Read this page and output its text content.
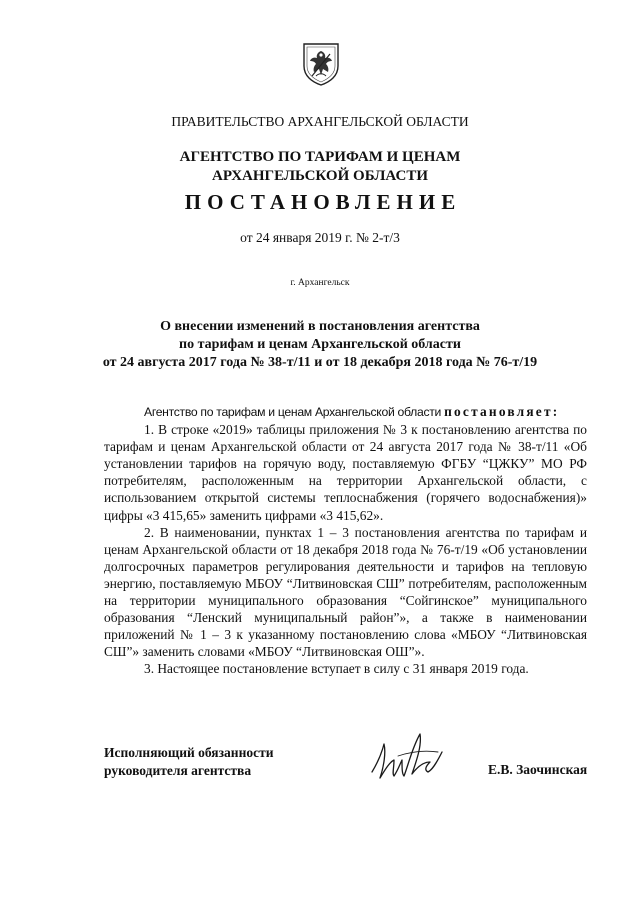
ПРАВИТЕЛЬСТВО АРХАНГЕЛЬСКОЙ ОБЛАСТИ
АГЕНТСТВО ПО ТАРИФАМ И ЦЕНАМ
АРХАНГЕЛЬСКОЙ ОБЛАСТИ
ПОСТАНОВЛЕНИЕ
от 24 января 2019 г. № 2-т/3
г. Архангельск
О внесении изменений в постановления агентства
по тарифам и ценам Архангельской области
от 24 августа 2017 года № 38-т/11 и от 18 декабря 2018 года № 76-т/19

Агентство по тарифам и ценам Архангельской области постановляет:

1. В строке «2019» таблицы приложения № 3 к постановлению агентства по тарифам и ценам Архангельской области от 24 августа 2017 года № 38-т/11 «Об установлении тарифов на горячую воду, поставляемую ФГБУ “ЦЖКУ” МО РФ потребителям, расположенным на территории Архангельской области, с использованием открытой системы теплоснабжения (горячего водоснабжения)» цифры «3 415,65» заменить цифрами «3 415,62».

2. В наименовании, пунктах 1 – 3 постановления агентства по тарифам и ценам Архангельской области от 18 декабря 2018 года № 76-т/19 «Об установлении долгосрочных параметров регулирования деятельности и тарифов на тепловую энергию, поставляемую МБОУ “Литвиновская СШ” потребителям, расположенным на территории муниципального образования “Сойгинское” муниципального образования “Ленский муниципальный район”», а также в наименовании приложений № 1 – 3 к указанному постановлению слова «МБОУ “Литвиновская СШ”» заменить словами «МБОУ “Литвиновская ОШ”».

3. Настоящее постановление вступает в силу с 31 января 2019 года.

Исполняющий обязанности
руководителя агентства	Е.В. Заочинская
